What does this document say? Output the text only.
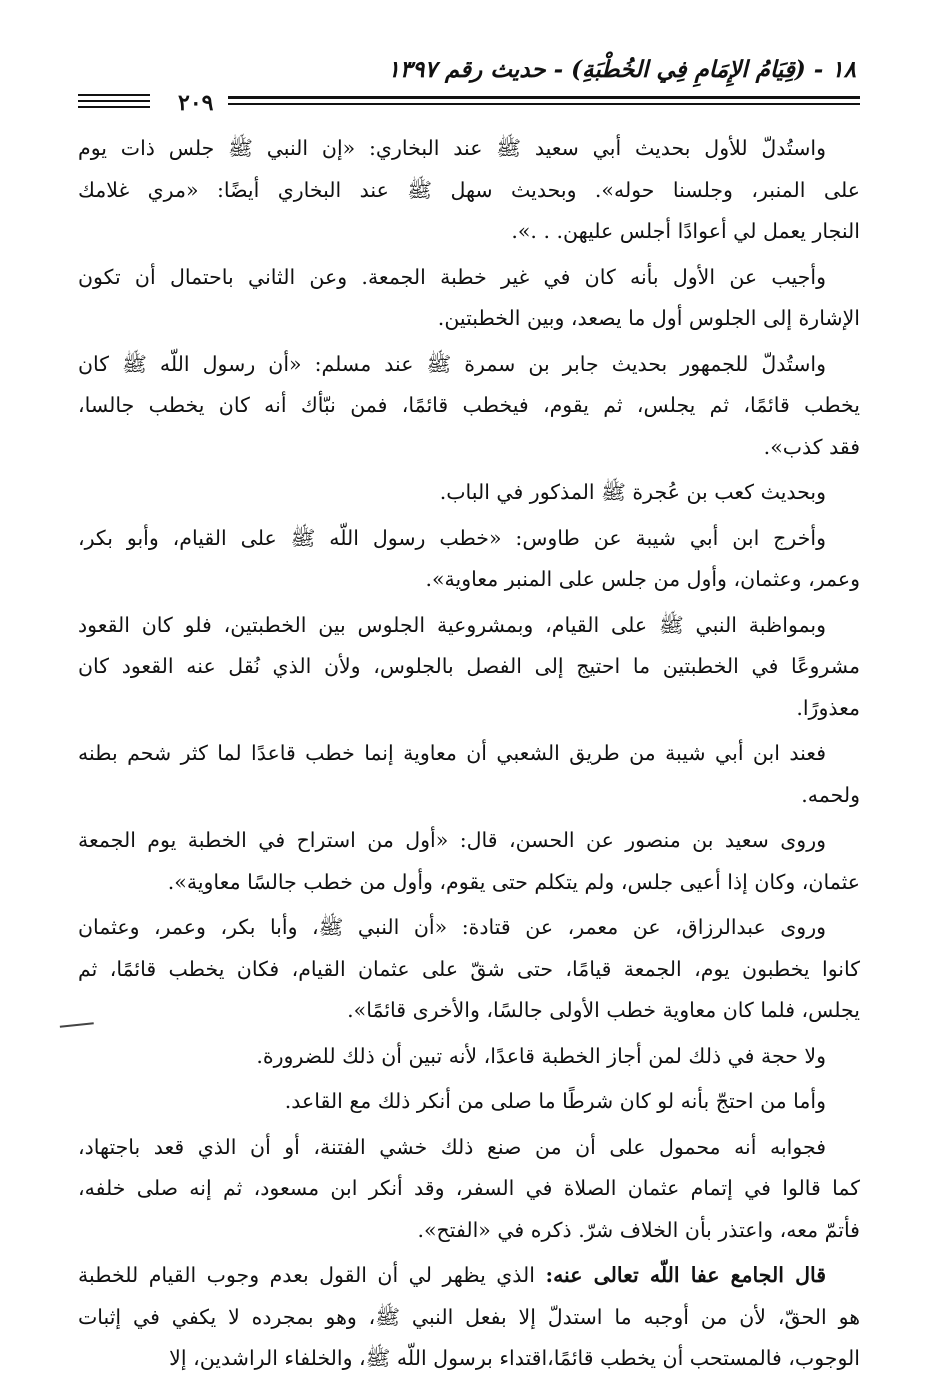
١٨ - (قِيَامُ الإِمَامِ فِي الخُطْبَةِ) - حديث رقم ١٣٩٧
٢٠٩
واستُدلّ للأول بحديث أبي سعيد ﷺ عند البخاري: «إن النبي ﷺ جلس ذات يوم
على المنبر، وجلسنا حوله». وبحديث سهل ﷺ عند البخاري أيضًا: «مري غلامك
النجار يعمل لي أعوادًا أجلس عليهن. . .».
وأجيب عن الأول بأنه كان في غير خطبة الجمعة. وعن الثاني باحتمال أن تكون
الإشارة إلى الجلوس أول ما يصعد، وبين الخطبتين.
واستُدلّ للجمهور بحديث جابر بن سمرة ﷺ عند مسلم: «أن رسول اللّه ﷺ كان
يخطب قائمًا، ثم يجلس، ثم يقوم، فيخطب قائمًا، فمن نبّأك أنه كان يخطب جالسا،
فقد كذب».
وبحديث كعب بن عُجرة ﷺ المذكور في الباب.
وأخرج ابن أبي شيبة عن طاوس: «خطب رسول اللّه ﷺ على القيام، وأبو بكر،
وعمر، وعثمان، وأول من جلس على المنبر معاوية».
وبمواظبة النبي ﷺ على القيام، وبمشروعية الجلوس بين الخطبتين، فلو كان القعود
مشروعًا في الخطبتين ما احتيج إلى الفصل بالجلوس، ولأن الذي نُقل عنه القعود كان
معذورًا.
فعند ابن أبي شيبة من طريق الشعبي أن معاوية إنما خطب قاعدًا لما كثر شحم بطنه
ولحمه.
وروى سعيد بن منصور عن الحسن، قال: «أول من استراح في الخطبة يوم الجمعة
عثمان، وكان إذا أعيى جلس، ولم يتكلم حتى يقوم، وأول من خطب جالسًا معاوية».
وروى عبدالرزاق، عن معمر، عن قتادة: «أن النبي ﷺ، وأبا بكر، وعمر، وعثمان
كانوا يخطبون يوم، الجمعة قيامًا، حتى شقّ على عثمان القيام، فكان يخطب قائمًا، ثم
يجلس، فلما كان معاوية خطب الأولى جالسًا، والأخرى قائمًا».
ولا حجة في ذلك لمن أجاز الخطبة قاعدًا، لأنه تبين أن ذلك للضرورة.
وأما من احتجّ بأنه لو كان شرطًا ما صلى من أنكر ذلك مع القاعد.
فجوابه أنه محمول على أن من صنع ذلك خشي الفتنة، أو أن الذي قعد باجتهاد،
كما قالوا في إتمام عثمان الصلاة في السفر، وقد أنكر ابن مسعود، ثم إنه صلى خلفه،
فأتمّ معه، واعتذر بأن الخلاف شرّ. ذكره في «الفتح».
قال الجامع عفا اللّه تعالى عنه: الذي يظهر لي أن القول بعدم وجوب القيام للخطبة
هو الحقّ، لأن من أوجبه ما استدلّ إلا بفعل النبي ﷺ، وهو بمجرده لا يكفي في إثبات
الوجوب، فالمستحب أن يخطب قائمًا،اقتداء برسول اللّه ﷺ، والخلفاء الراشدين، إلا
